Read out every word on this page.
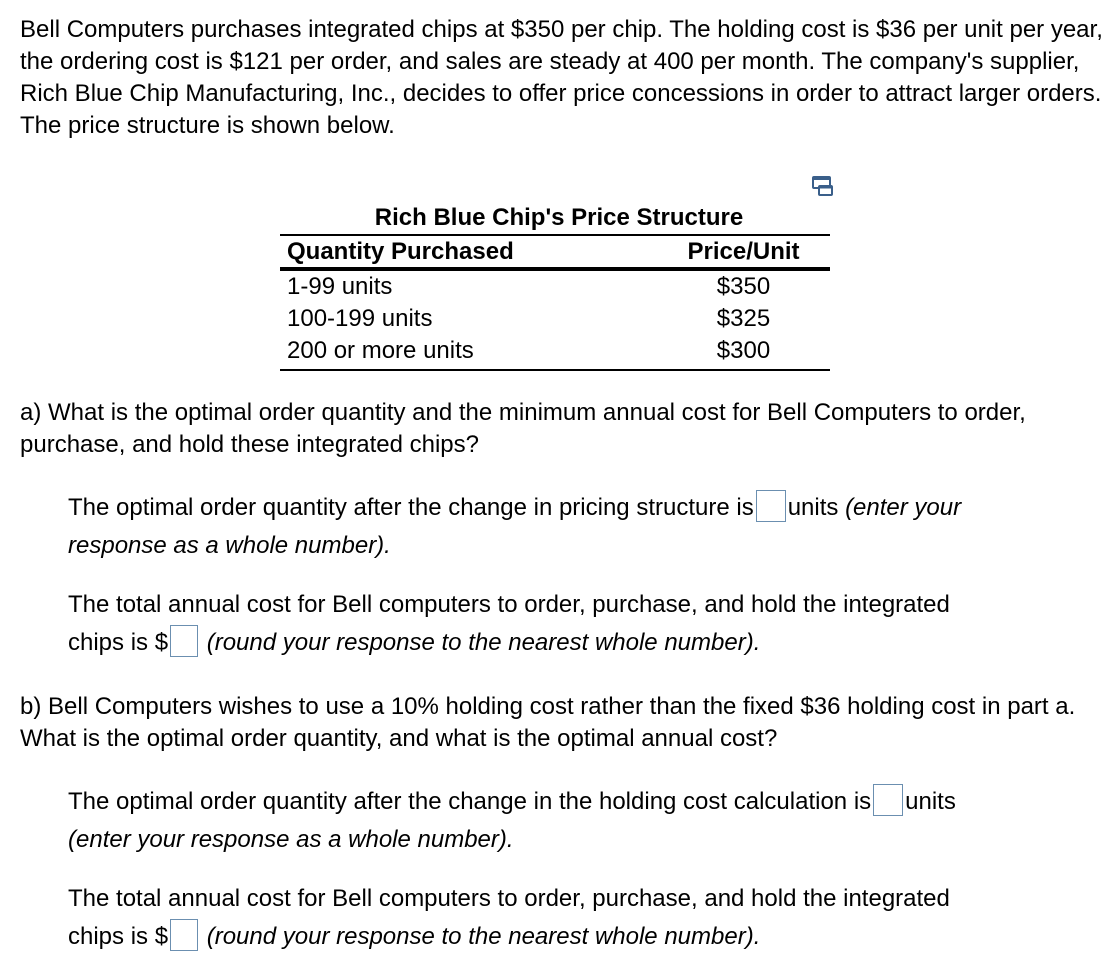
Bell Computers purchases integrated chips at $350 per chip. The holding cost is $36 per unit per year, the ordering cost is $121 per order, and sales are steady at 400 per month. The company's supplier, Rich Blue Chip Manufacturing, Inc., decides to offer price concessions in order to attract larger orders. The price structure is shown below.

Rich Blue Chip's Price Structure
Quantity Purchased	Price/Unit
1-99 units	$350
100-199 units	$325
200 or more units	$300

a) What is the optimal order quantity and the minimum annual cost for Bell Computers to order, purchase, and hold these integrated chips?

The optimal order quantity after the change in pricing structure is units (enter your
response as a whole number).
The total annual cost for Bell computers to order, purchase, and hold the integrated
chips is $ (round your response to the nearest whole number).

b) Bell Computers wishes to use a 10% holding cost rather than the fixed $36 holding cost in part a. What is the optimal order quantity, and what is the optimal annual cost?

The optimal order quantity after the change in the holding cost calculation is units
(enter your response as a whole number).
The total annual cost for Bell computers to order, purchase, and hold the integrated
chips is $ (round your response to the nearest whole number).
